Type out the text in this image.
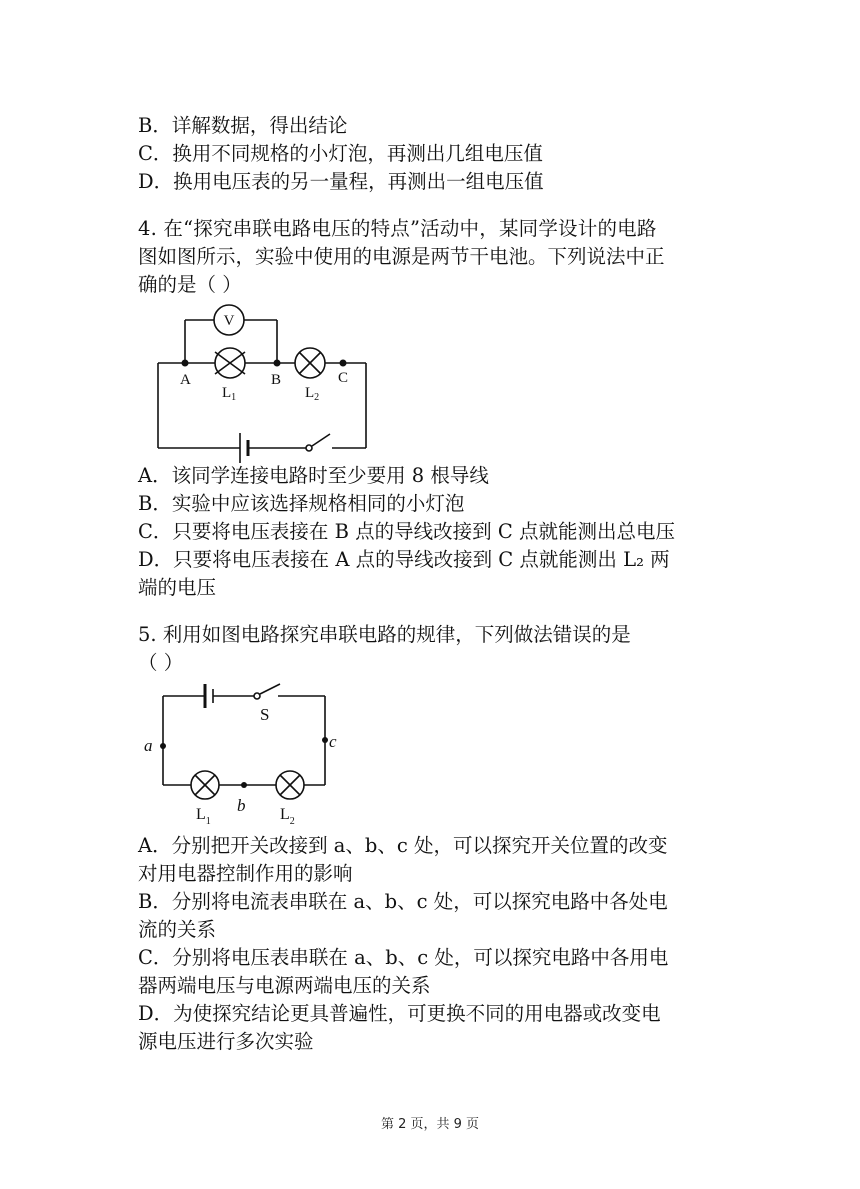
B．详解数据，得出结论
C．换用不同规格的小灯泡，再测出几组电压值
D．换用电压表的另一量程，再测出一组电压值
4. 在“探究串联电路电压的特点”活动中，某同学设计的电路
图如图所示，实验中使用的电源是两节干电池。下列说法中正
确的是（ ）
V
A	B	C
$L_1$	$L_2$
A．该同学连接电路时至少要用 8 根导线
B．实验中应该选择规格相同的小灯泡
C．只要将电压表接在 B 点的导线改接到 C 点就能测出总电压
D．只要将电压表接在 A 点的导线改接到 C 点就能测出 L₂ 两
端的电压
5. 利用如图电路探究串联电路的规律，下列做法错误的是
（ ）
S
a
b
c
$L_1$	$L_2$
A．分别把开关改接到 a、b、c 处，可以探究开关位置的改变
对用电器控制作用的影响
B．分别将电流表串联在 a、b、c 处，可以探究电路中各处电
流的关系
C．分别将电压表串联在 a、b、c 处，可以探究电路中各用电
器两端电压与电源两端电压的关系
D．为使探究结论更具普遍性，可更换不同的用电器或改变电
源电压进行多次实验
第 2 页，共 9 页
